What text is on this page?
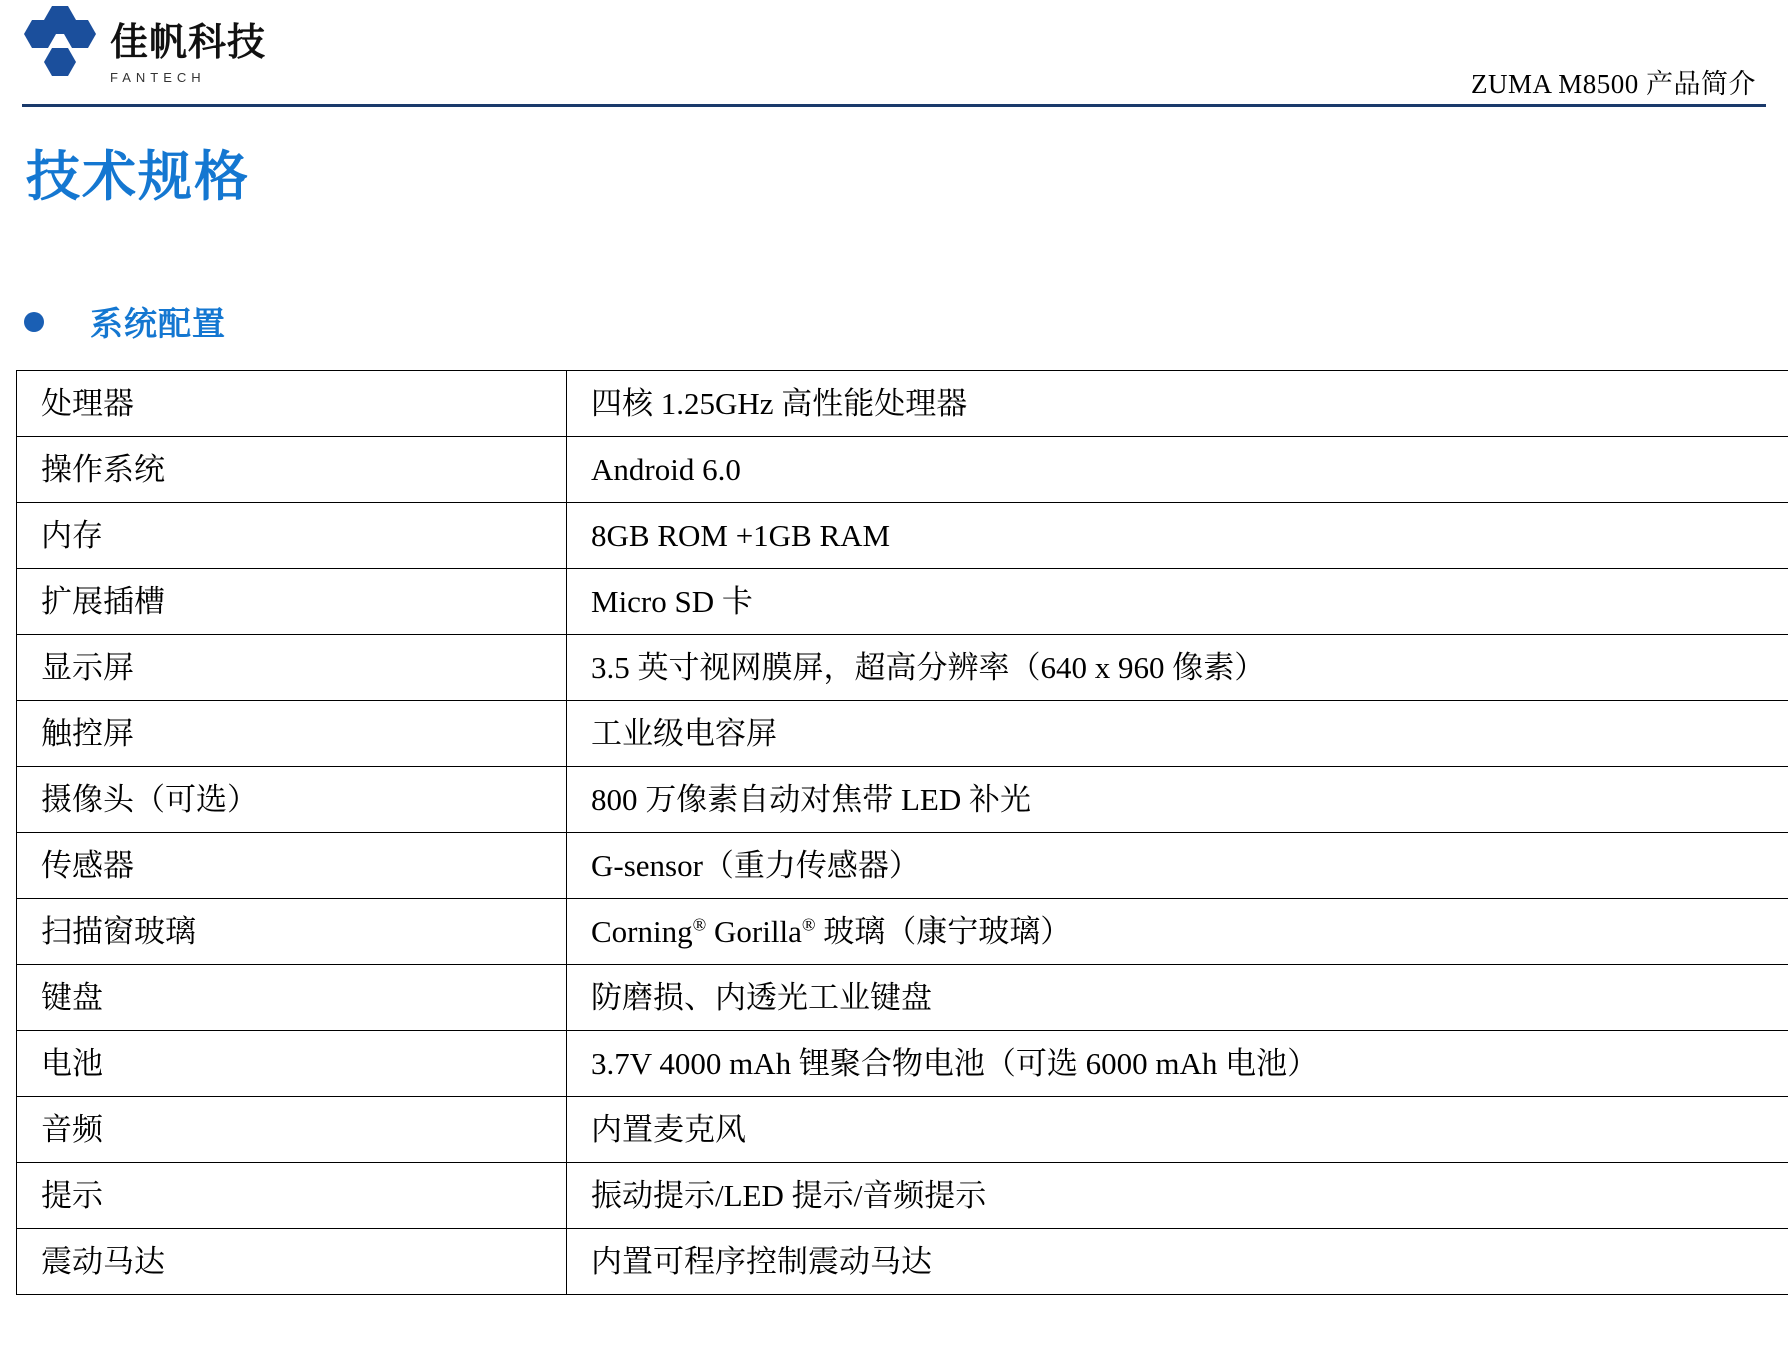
佳帆科技
FANTECH	ZUMA M8500 产品简介
技术规格
系统配置
处理器	四核 1.25GHz 高性能处理器
操作系统	Android 6.0
内存	8GB ROM +1GB RAM
扩展插槽	Micro SD 卡
显示屏	3.5 英寸视网膜屏，超高分辨率（640 x 960 像素）
触控屏	工业级电容屏
摄像头（可选）	800 万像素自动对焦带 LED 补光
传感器	G-sensor（重力传感器）
扫描窗玻璃	Corning® Gorilla® 玻璃（康宁玻璃）
键盘	防磨损、内透光工业键盘
电池	3.7V 4000 mAh 锂聚合物电池（可选 6000 mAh 电池）
音频	内置麦克风
提示	振动提示/LED 提示/音频提示
震动马达	内置可程序控制震动马达
